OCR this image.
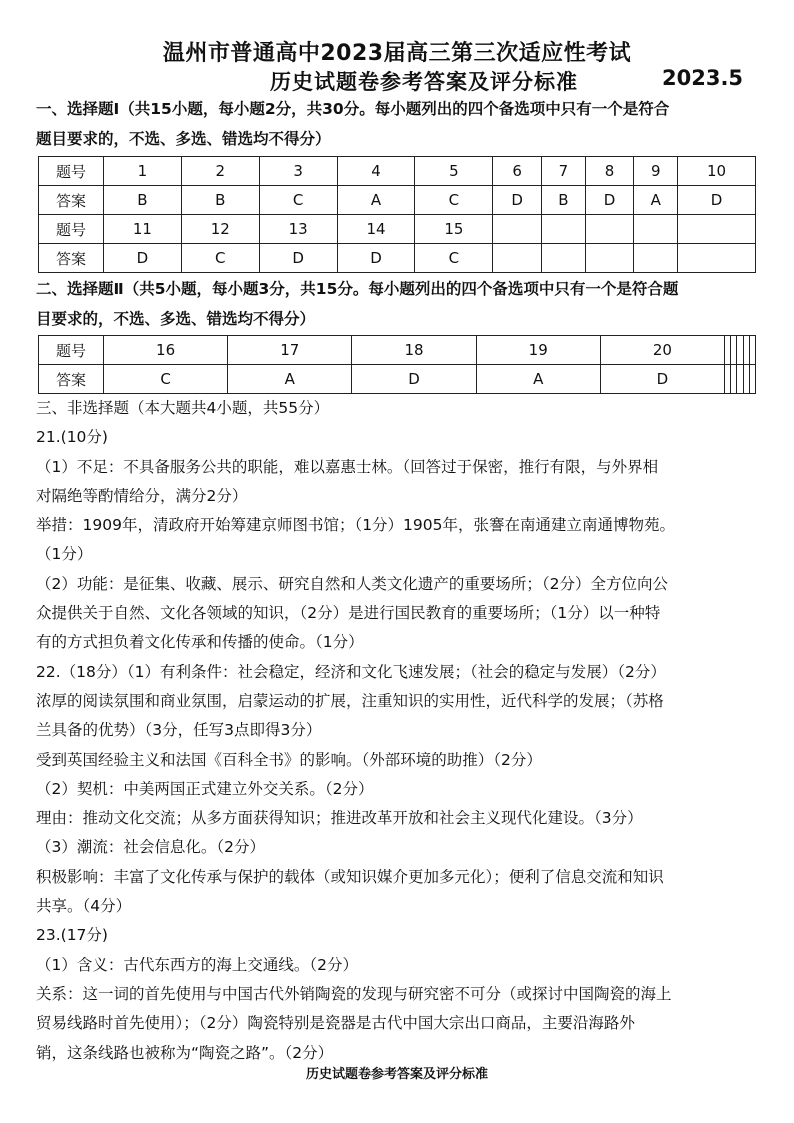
温州市普通高中2023届高三第三次适应性考试
历史试题卷参考答案及评分标准	2023.5
一、选择题Ⅰ（共15小题，每小题2分，共30分。每小题列出的四个备选项中只有一个是符合
题目要求的，不选、多选、错选均不得分）
题号	1	2	3	4	5	6	7	8	9	10
答案	B	B	C	A	C	D	B	D	A	D
题号	11	12	13	14	15					
答案	D	C	D	D	C					
二、选择题Ⅱ（共5小题，每小题3分，共15分。每小题列出的四个备选项中只有一个是符合题
目要求的，不选、多选、错选均不得分）
题号	16	17	18	19	20					
答案	C	A	D	A	D					

三、非选择题（本大题共4小题，共55分）

21.(10分)

（1）不足：不具备服务公共的职能，难以嘉惠士林。（回答过于保密，推行有限，与外界相

对隔绝等酌情给分，满分2分）

举措：1909年，清政府开始筹建京师图书馆；（1分）1905年，张謇在南通建立南通博物苑。

（1分）

（2）功能：是征集、收藏、展示、研究自然和人类文化遗产的重要场所；（2分）全方位向公

众提供关于自然、文化各领域的知识，（2分）是进行国民教育的重要场所；（1分）以一种特

有的方式担负着文化传承和传播的使命。（1分）

22.（18分）（1）有利条件：社会稳定，经济和文化飞速发展；（社会的稳定与发展）（2分）

浓厚的阅读氛围和商业氛围，启蒙运动的扩展，注重知识的实用性，近代科学的发展；（苏格

兰具备的优势）（3分，任写3点即得3分）

受到英国经验主义和法国《百科全书》的影响。（外部环境的助推）（2分）

（2）契机：中美两国正式建立外交关系。（2分）

理由：推动文化交流；从多方面获得知识；推进改革开放和社会主义现代化建设。（3分）

（3）潮流：社会信息化。（2分）

积极影响：丰富了文化传承与保护的载体（或知识媒介更加多元化）；便利了信息交流和知识

共享。（4分）

23.(17分)

（1）含义：古代东西方的海上交通线。（2分）

关系：这一词的首先使用与中国古代外销陶瓷的发现与研究密不可分（或探讨中国陶瓷的海上

贸易线路时首先使用）；（2分）陶瓷特别是瓷器是古代中国大宗出口商品，主要沿海路外

销，这条线路也被称为“陶瓷之路”。（2分）

历史试题卷参考答案及评分标准
